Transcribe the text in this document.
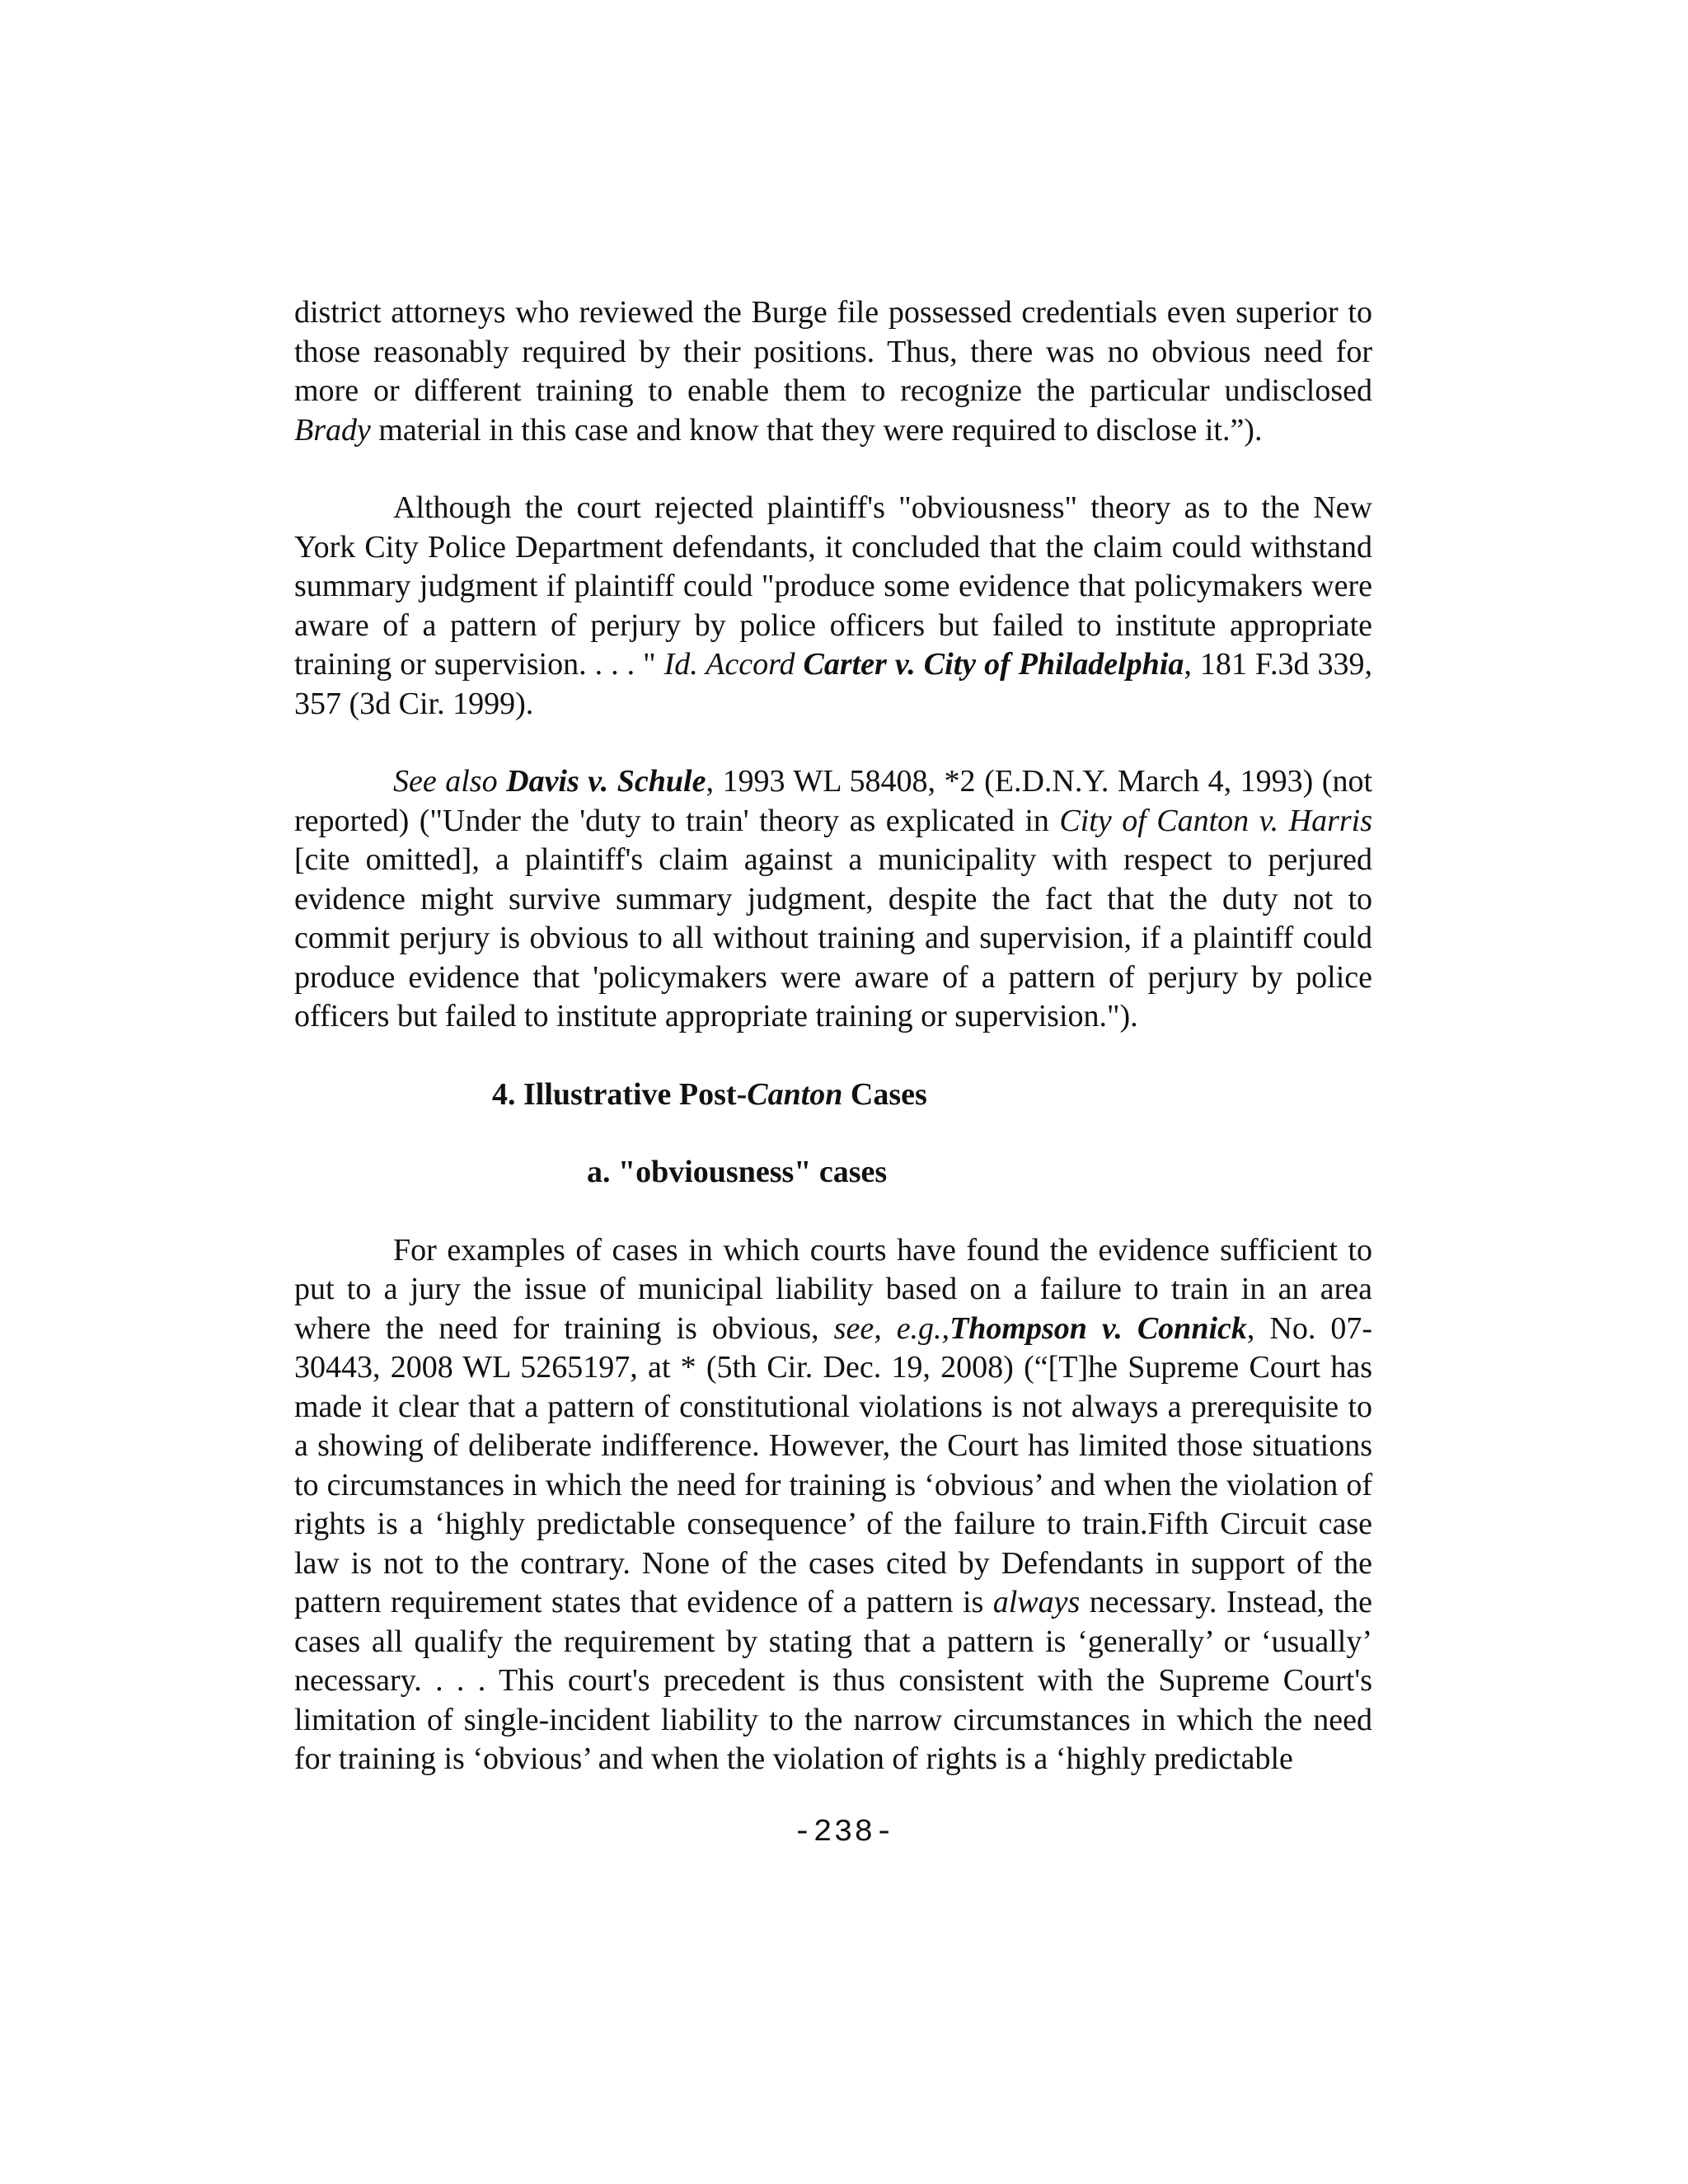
district attorneys who reviewed the Burge file possessed credentials even superior to those reasonably required by their positions. Thus, there was no obvious need for more or different training to enable them to recognize the particular undisclosed Brady material in this case and know that they were required to disclose it.”).

Although the court rejected plaintiff's "obviousness" theory as to the New York City Police Department defendants, it concluded that the claim could withstand summary judgment if plaintiff could "produce some evidence that policymakers were aware of a pattern of perjury by police officers but failed to institute appropriate training or supervision. . . . " Id. Accord Carter v. City of Philadelphia, 181 F.3d 339, 357 (3d Cir. 1999).

See also Davis v. Schule, 1993 WL 58408, *2 (E.D.N.Y. March 4, 1993) (not reported) ("Under the 'duty to train' theory as explicated in City of Canton v. Harris [cite omitted], a plaintiff's claim against a municipality with respect to perjured evidence might survive summary judgment, despite the fact that the duty not to commit perjury is obvious to all without training and supervision, if a plaintiff could produce evidence that 'policymakers were aware of a pattern of perjury by police officers but failed to institute appropriate training or supervision.").

4. Illustrative Post-Canton Cases

a. "obviousness" cases

For examples of cases in which courts have found the evidence sufficient to put to a jury the issue of municipal liability based on a failure to train in an area where the need for training is obvious, see, e.g.,Thompson v. Connick, No. 07-30443, 2008 WL 5265197, at * (5th Cir. Dec. 19, 2008) (“[T]he Supreme Court has made it clear that a pattern of constitutional violations is not always a prerequisite to a showing of deliberate indifference. However, the Court has limited those situations to circumstances in which the need for training is ‘obvious’ and when the violation of rights is a ‘highly predictable consequence’ of the failure to train.Fifth Circuit case law is not to the contrary. None of the cases cited by Defendants in support of the pattern requirement states that evidence of a pattern is always necessary. Instead, the cases all qualify the requirement by stating that a pattern is ‘generally’ or ‘usually’ necessary. . . . This court's precedent is thus consistent with the Supreme Court's limitation of single-incident liability to the narrow circumstances in which the need for training is ‘obvious’ and when the violation of rights is a ‘highly predictable

-238-
